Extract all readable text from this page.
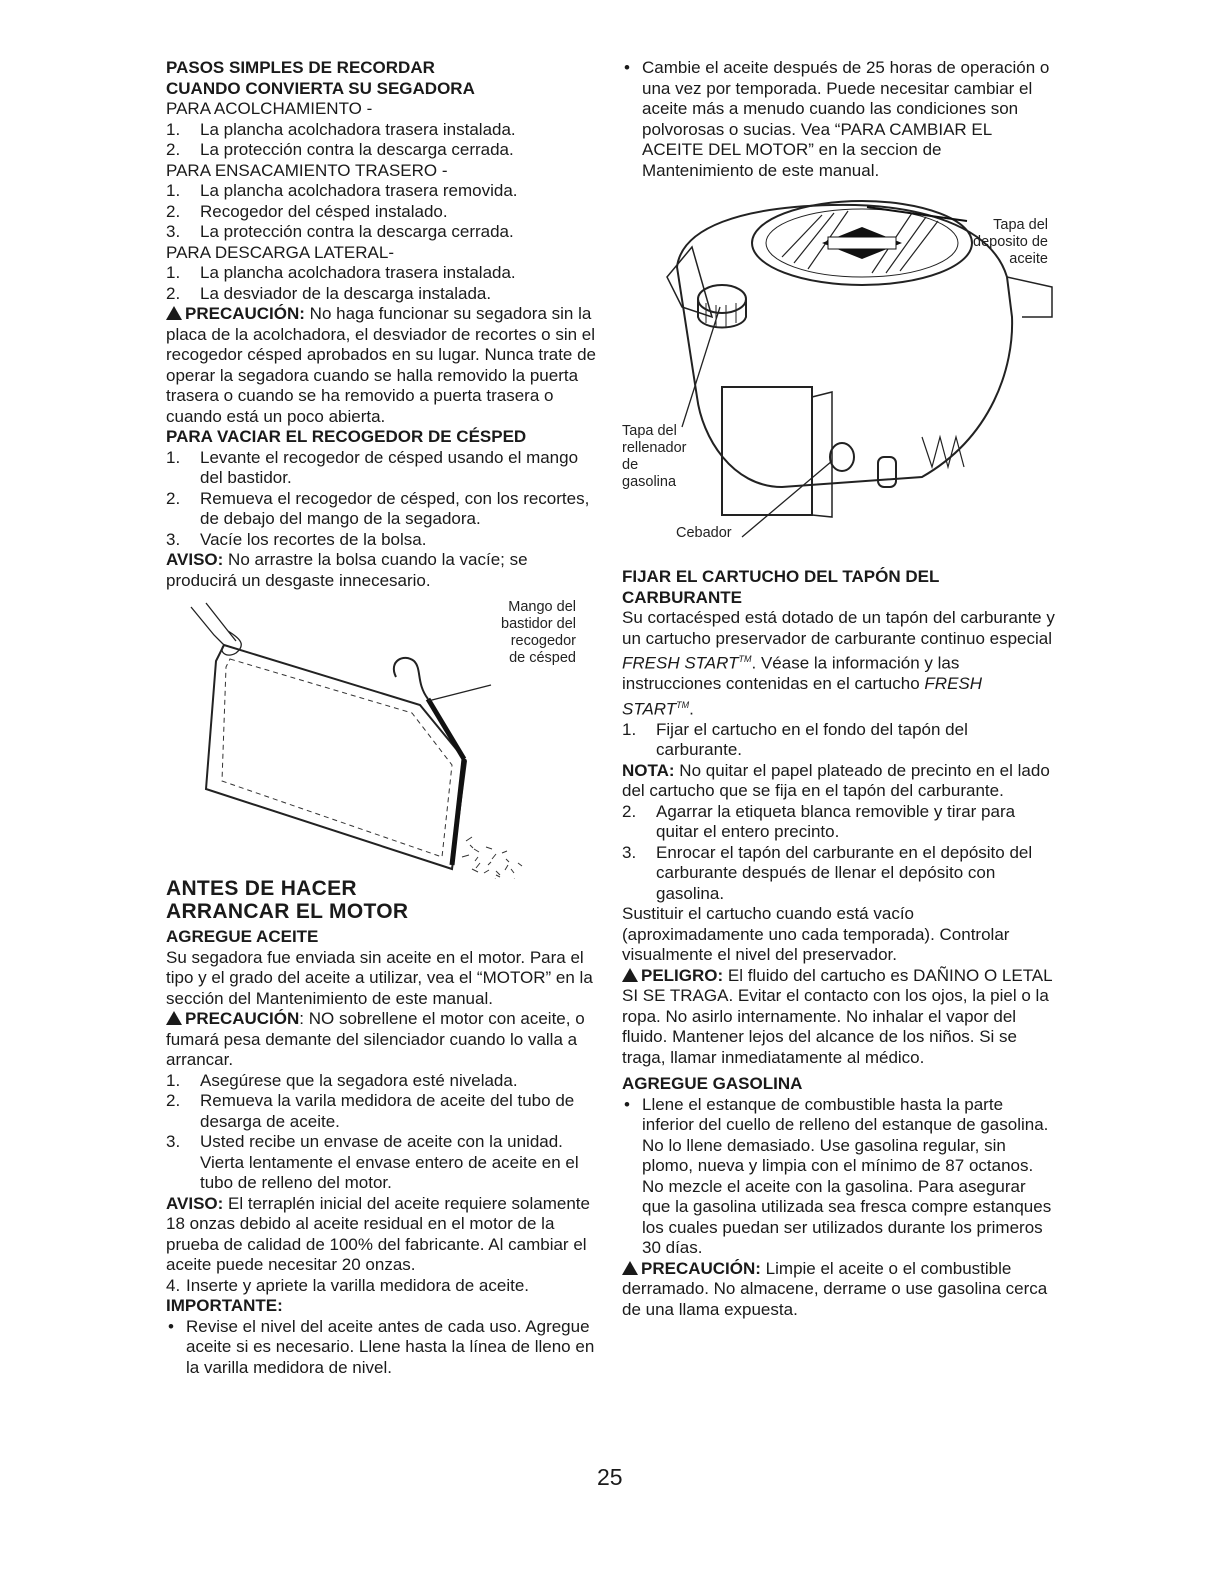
PASOS SIMPLES DE RECORDAR

CUANDO CONVIERTA SU SEGADORA

PARA ACOLCHAMIENTO -

1. La plancha acolchadora trasera instalada.
2. La protección contra la descarga cerrada.

PARA ENSACAMIENTO TRASERO -

1. La plancha acolchadora trasera removida.
2. Recogedor del césped instalado.
3. La protección contra la descarga cerrada.

PARA DESCARGA LATERAL-

1. La plancha acolchadora trasera instalada.
2. La desviador de la descarga instalada.

PRECAUCIÓN: No haga funcionar su segadora sin la placa de la acolchadora, el desviador de recortes o sin el recogedor césped aprobados en su lugar. Nunca trate de operar la segadora cuando se halla removido la puerta trasera o cuando se ha removido a puerta trasera o cuando está un poco abierta.

PARA VACIAR EL RECOGEDOR DE CÉSPED

1. Levante el recogedor de césped usando el mango del bastidor.
2. Remueva el recogedor de césped, con los recortes, de debajo del mango de la segadora.
3. Vacíe los recortes de la bolsa.

AVISO: No arrastre la bolsa cuando la vacíe; se producirá un desgaste innecesario.

Mango del
bastidor del
recogedor
de césped

ANTES DE HACER

ARRANCAR EL MOTOR

AGREGUE ACEITE

Su segadora fue enviada sin aceite en el motor. Para el tipo y el grado del aceite a utilizar, vea el “MOTOR” en la sección del Mantenimiento de este manual.

PRECAUCIÓN: NO sobrellene el motor con aceite, o fumará pesa demante del silenciador cuando lo valla a arrancar.

1. Asegúrese que la segadora esté nivelada.
2. Remueva la varila medidora de aceite del tubo de desarga de aceite.
3. Usted recibe un envase de aceite con la unidad. Vierta lentamente el envase entero de aceite en el tubo de relleno del motor.

AVISO: El terraplén inicial del aceite requiere solamente 18 onzas debido al aceite residual en el motor de la prueba de calidad de 100% del fabricante. Al cambiar el aceite puede necesitar 20 onzas.

4. Inserte y apriete la varilla medidora de aceite.

IMPORTANTE:

• Revise el nivel del aceite antes de cada uso. Agregue aceite si es necesario. Llene hasta la línea de lleno en la varilla medidora de nivel.
25
• Cambie el aceite después de 25 horas de operación o una vez por temporada. Puede necesitar cambiar el aceite más a menudo cuando las condiciones son polvorosas o sucias. Vea “PARA CAMBIAR EL ACEITE DEL MOTOR” en la seccion de Mantenimiento de este manual.
Tapa del
deposito de
aceite
Tapa del
rellenador
de
gasolina
Cebador

FIJAR EL CARTUCHO DEL TAPÓN DEL CARBURANTE

Su cortacésped está dotado de un tapón del carburante y un cartucho preservador de carburante continuo especial FRESH START™. Véase la información y las instrucciones contenidas en el cartucho FRESH START™.

1. Fijar el cartucho en el fondo del tapón del carburante.

NOTA: No quitar el papel plateado de precinto en el lado del cartucho que se fija en el tapón del carburante.

2. Agarrar la etiqueta blanca removible y tirar para quitar el entero precinto.
3. Enrocar el tapón del carburante en el depósito del carburante después de llenar el depósito con gasolina.

Sustituir el cartucho cuando está vacío (aproximadamente uno cada temporada). Controlar visualmente el nivel del preservador.

PELIGRO: El fluido del cartucho es DAÑINO O LETAL SI SE TRAGA. Evitar el contacto con los ojos, la piel o la ropa. No asirlo internamente. No inhalar el vapor del fluido. Mantener lejos del alcance de los niños. Si se traga, llamar inmediatamente al médico.

AGREGUE GASOLINA

• Llene el estanque de combustible hasta la parte inferior del cuello de relleno del estanque de gasolina. No lo llene demasiado. Use gasolina regular, sin plomo, nueva y limpia con el mínimo de 87 octanos. No mezcle el aceite con la gasolina. Para asegurar que la gasolina utilizada sea fresca compre estanques los cuales puedan ser utilizados durante los primeros 30 días.

PRECAUCIÓN: Limpie el aceite o el combustible derramado. No almacene, derrame o use gasolina cerca de una llama expuesta.
